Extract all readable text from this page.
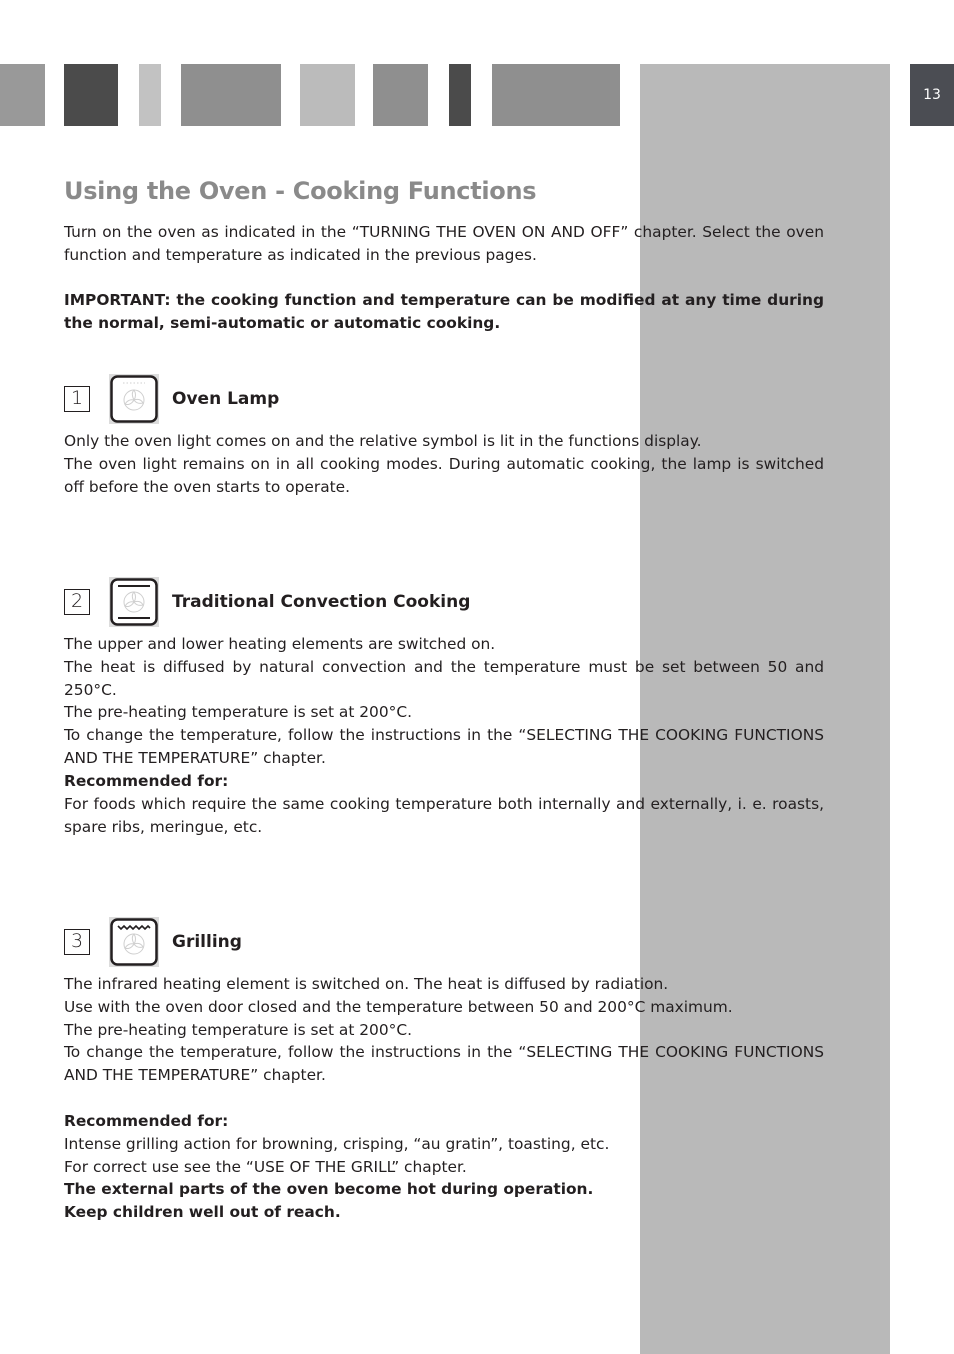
13
Using the Oven - Cooking Functions

Turn on the oven as indicated in the “TURNING THE OVEN ON AND OFF” chapter. Select the oven function and temperature as indicated in the previous pages.

IMPORTANT: the cooking function and temperature can be modified at any time during the normal, semi-automatic or automatic cooking.

1	Oven Lamp

Only the oven light comes on and the relative symbol is lit in the functions display.
The oven light remains on in all cooking modes. During automatic cooking, the lamp is switched off before the oven starts to operate.

2	Traditional Convection Cooking

The upper and lower heating elements are switched on.
The heat is diffused by natural convection and the temperature must be set between 50 and 250°C.
The pre-heating temperature is set at 200°C.
To change the temperature, follow the instructions in the “SELECTING THE COOKING FUNCTIONS AND THE TEMPERATURE” chapter.

Recommended for:
For foods which require the same cooking temperature both internally and externally, i. e. roasts, spare ribs, meringue, etc.

3	Grilling

The infrared heating element is switched on. The heat is diffused by radiation.
Use with the oven door closed and the temperature between 50 and 200°C maximum.
The pre-heating temperature is set at 200°C.
To change the temperature, follow the instructions in the “SELECTING THE COOKING FUNCTIONS AND THE TEMPERATURE” chapter.

Recommended for:
Intense grilling action for browning, crisping, “au gratin”, toasting, etc.
For correct use see the “USE OF THE GRILL” chapter.
The external parts of the oven become hot during operation.
Keep children well out of reach.
